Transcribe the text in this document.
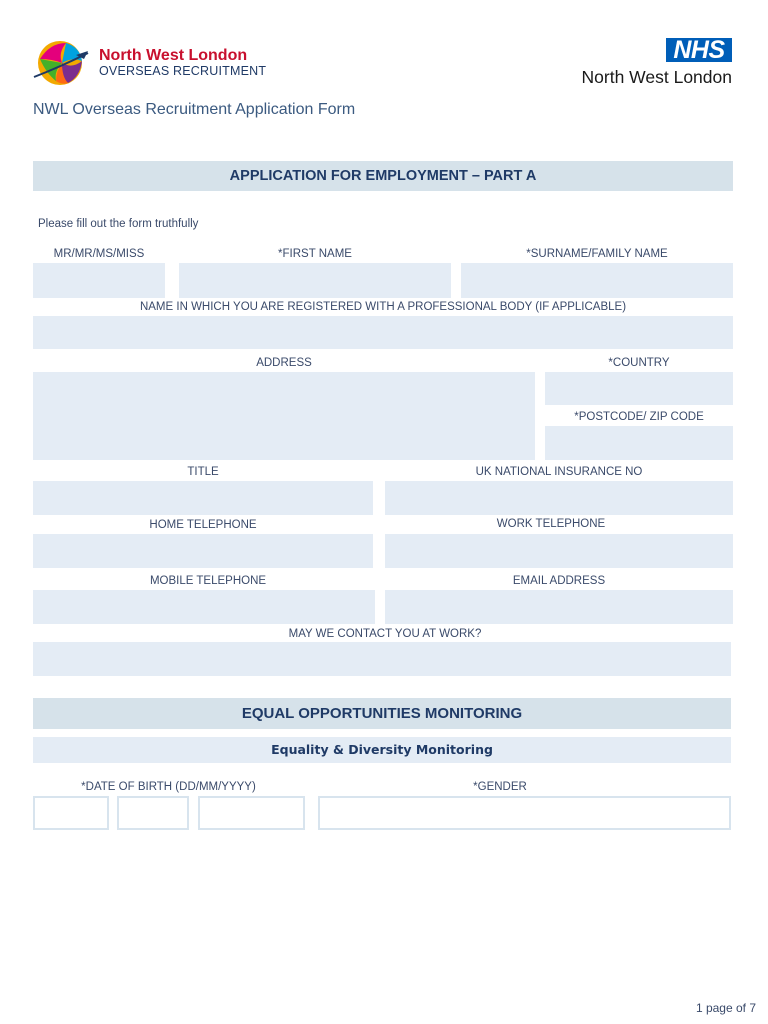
North West London
OVERSEAS RECRUITMENT
NHS
North West London
NWL Overseas Recruitment Application Form
APPLICATION FOR EMPLOYMENT – PART A
Please fill out the form truthfully
MR/MR/MS/MISS	*FIRST NAME	*SURNAME/FAMILY NAME
NAME IN WHICH YOU ARE REGISTERED WITH A PROFESSIONAL BODY (IF APPLICABLE)
ADDRESS	*COUNTRY
*POSTCODE/ ZIP CODE
TITLE	UK NATIONAL INSURANCE NO
HOME TELEPHONE	WORK TELEPHONE
MOBILE TELEPHONE	EMAIL ADDRESS
MAY WE CONTACT YOU AT WORK?
EQUAL OPPORTUNITIES MONITORING
Equality & Diversity Monitoring
*DATE OF BIRTH (DD/MM/YYYY)	*GENDER
1 page of 7
